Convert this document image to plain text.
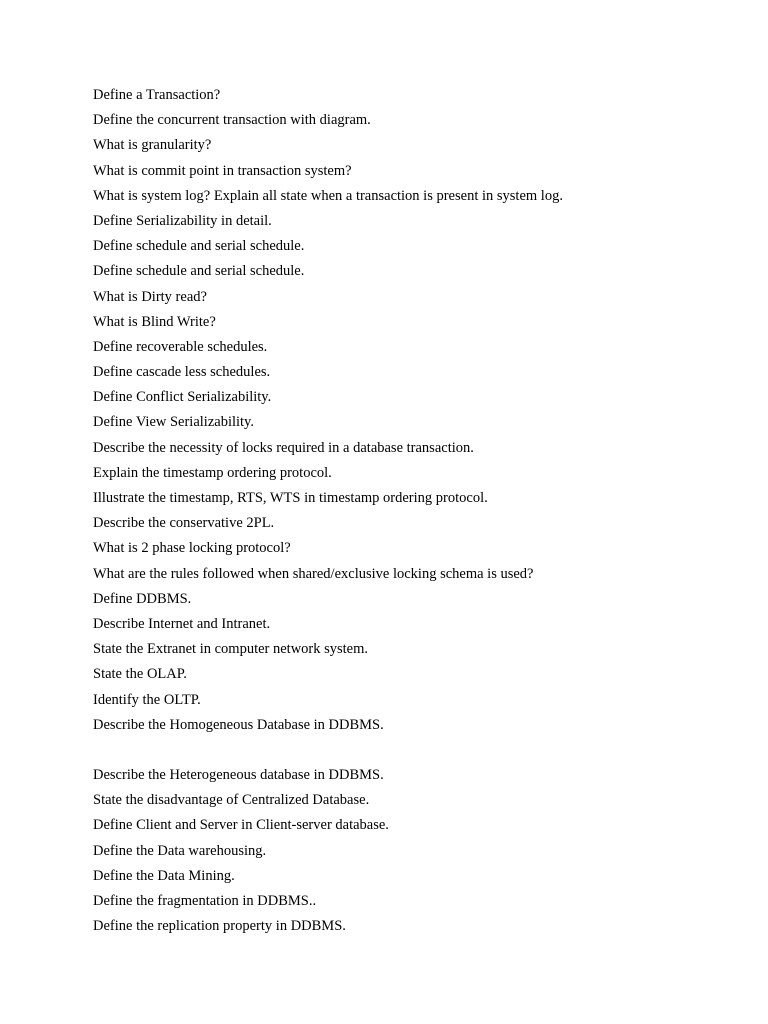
Define a Transaction?
Define the concurrent transaction with diagram.
What is granularity?
What is commit point in transaction system?
What is system log? Explain all state when a transaction is present in system log.
Define Serializability in detail.
Define schedule and serial schedule.
Define schedule and serial schedule.
What is Dirty read?
What is Blind Write?
Define recoverable schedules.
Define cascade less schedules.
Define Conflict Serializability.
Define View Serializability.
Describe the necessity of locks required in a database transaction.
Explain the timestamp ordering protocol.
Illustrate the timestamp, RTS, WTS in timestamp ordering protocol.
Describe the conservative 2PL.
What is 2 phase locking protocol?
What are the rules followed when shared/exclusive locking schema is used?
Define DDBMS.
Describe Internet and Intranet.
State the Extranet in computer network system.
State the OLAP.
Identify the OLTP.
Describe the Homogeneous Database in DDBMS.
Describe the Heterogeneous database in DDBMS.
State the disadvantage of Centralized Database.
Define Client and Server in Client-server database.
Define the Data warehousing.
Define the Data Mining.
Define the fragmentation in DDBMS..
Define the replication property in DDBMS.
